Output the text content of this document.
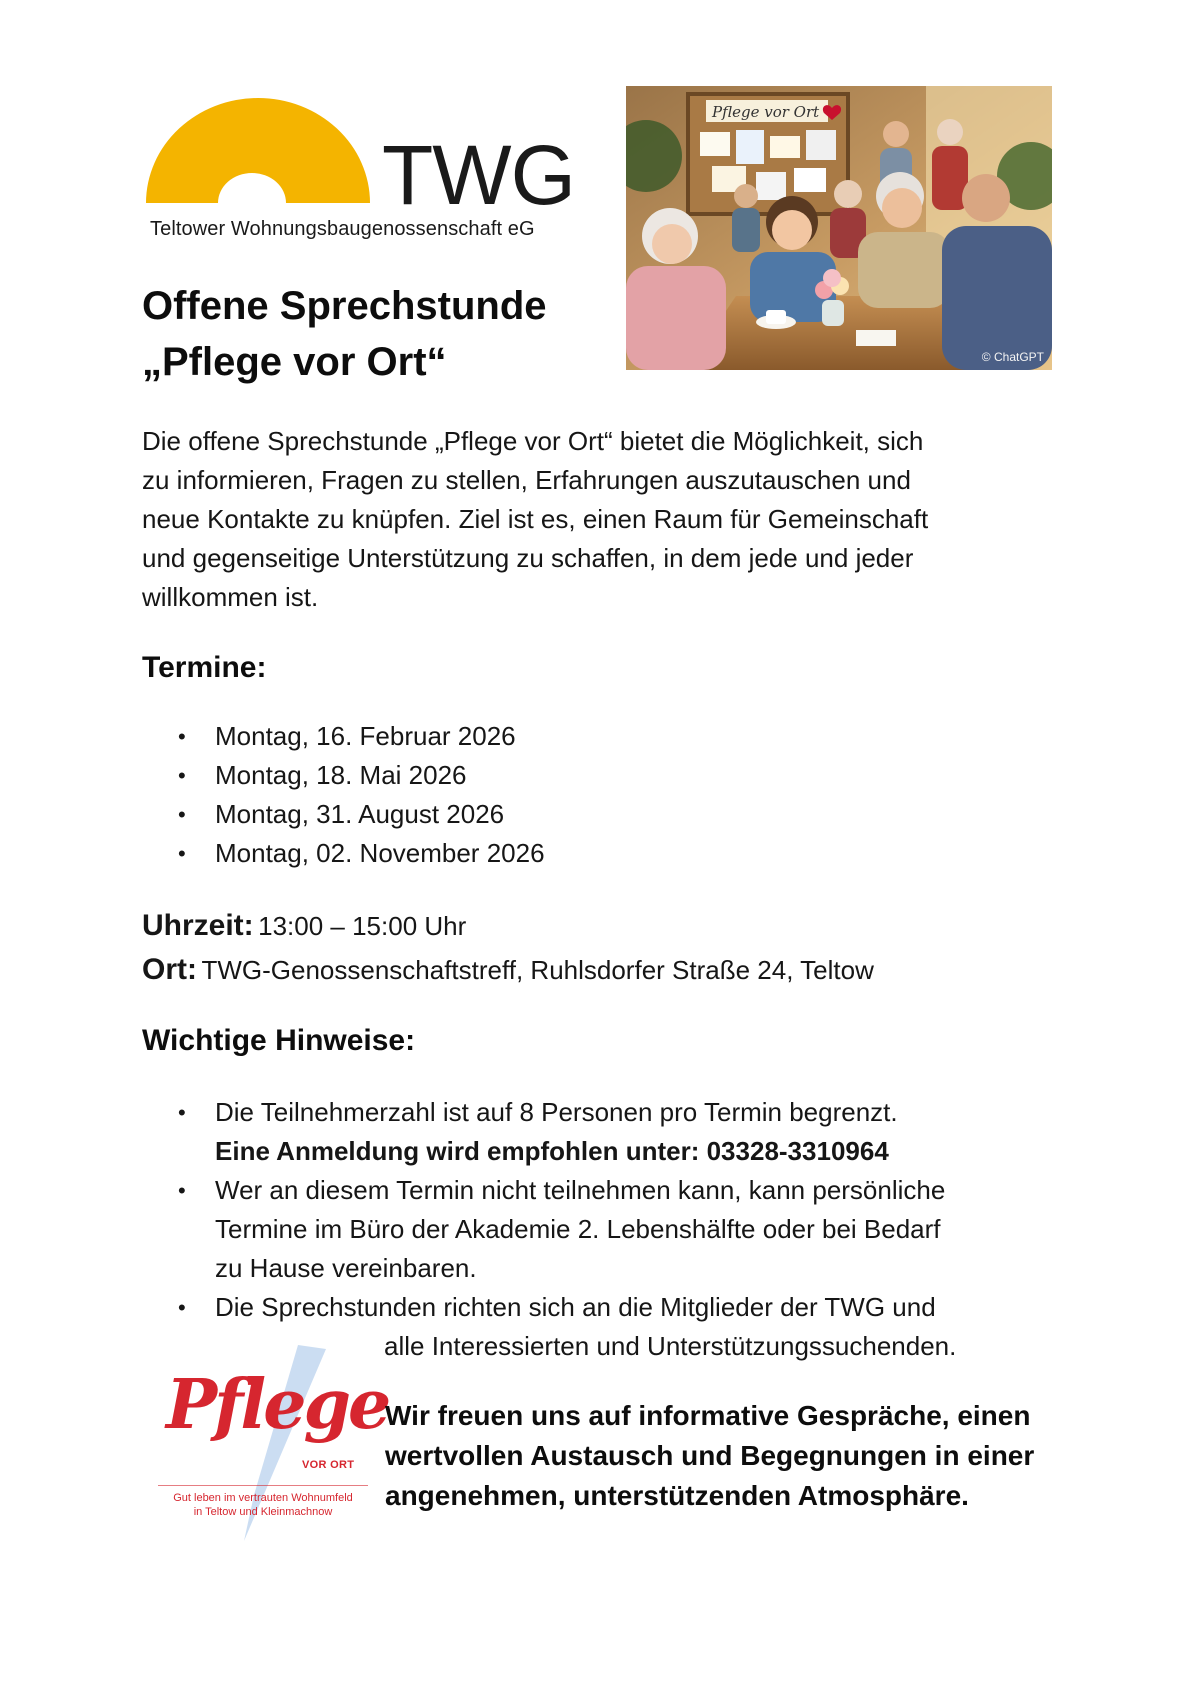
TWG

Teltower Wohnungsbaugenossenschaft eG

Pflege vor Ort

© ChatGPT

Offene Sprechstunde
„Pflege vor Ort“

Die offene Sprechstunde „Pflege vor Ort“ bietet die Möglichkeit, sich
zu informieren, Fragen zu stellen, Erfahrungen auszutauschen und
neue Kontakte zu knüpfen. Ziel ist es, einen Raum für Gemeinschaft
und gegenseitige Unterstützung zu schaffen, in dem jede und jeder
willkommen ist.

Termine:
• Montag, 16. Februar 2026
• Montag, 18. Mai 2026
• Montag, 31. August 2026
• Montag, 02. November 2026

Uhrzeit: 13:00 – 15:00 Uhr

Ort: TWG-Genossenschaftstreff, Ruhlsdorfer Straße 24, Teltow

Wichtige Hinweise:
• Die Teilnehmerzahl ist auf 8 Personen pro Termin begrenzt.
Eine Anmeldung wird empfohlen unter: 03328-3310964
• Wer an diesem Termin nicht teilnehmen kann, kann persönliche
Termine im Büro der Akademie 2. Lebenshälfte oder bei Bedarf
zu Hause vereinbaren.
• Die Sprechstunden richten sich an die Mitglieder der TWG und
alle Interessierten und Unterstützungssuchenden.

Pflege

VOR ORT

Gut leben im vertrauten Wohnumfeld

in Teltow und Kleinmachnow

Wir freuen uns auf informative Gespräche, einen
wertvollen Austausch und Begegnungen in einer
angenehmen, unterstützenden Atmosphäre.
